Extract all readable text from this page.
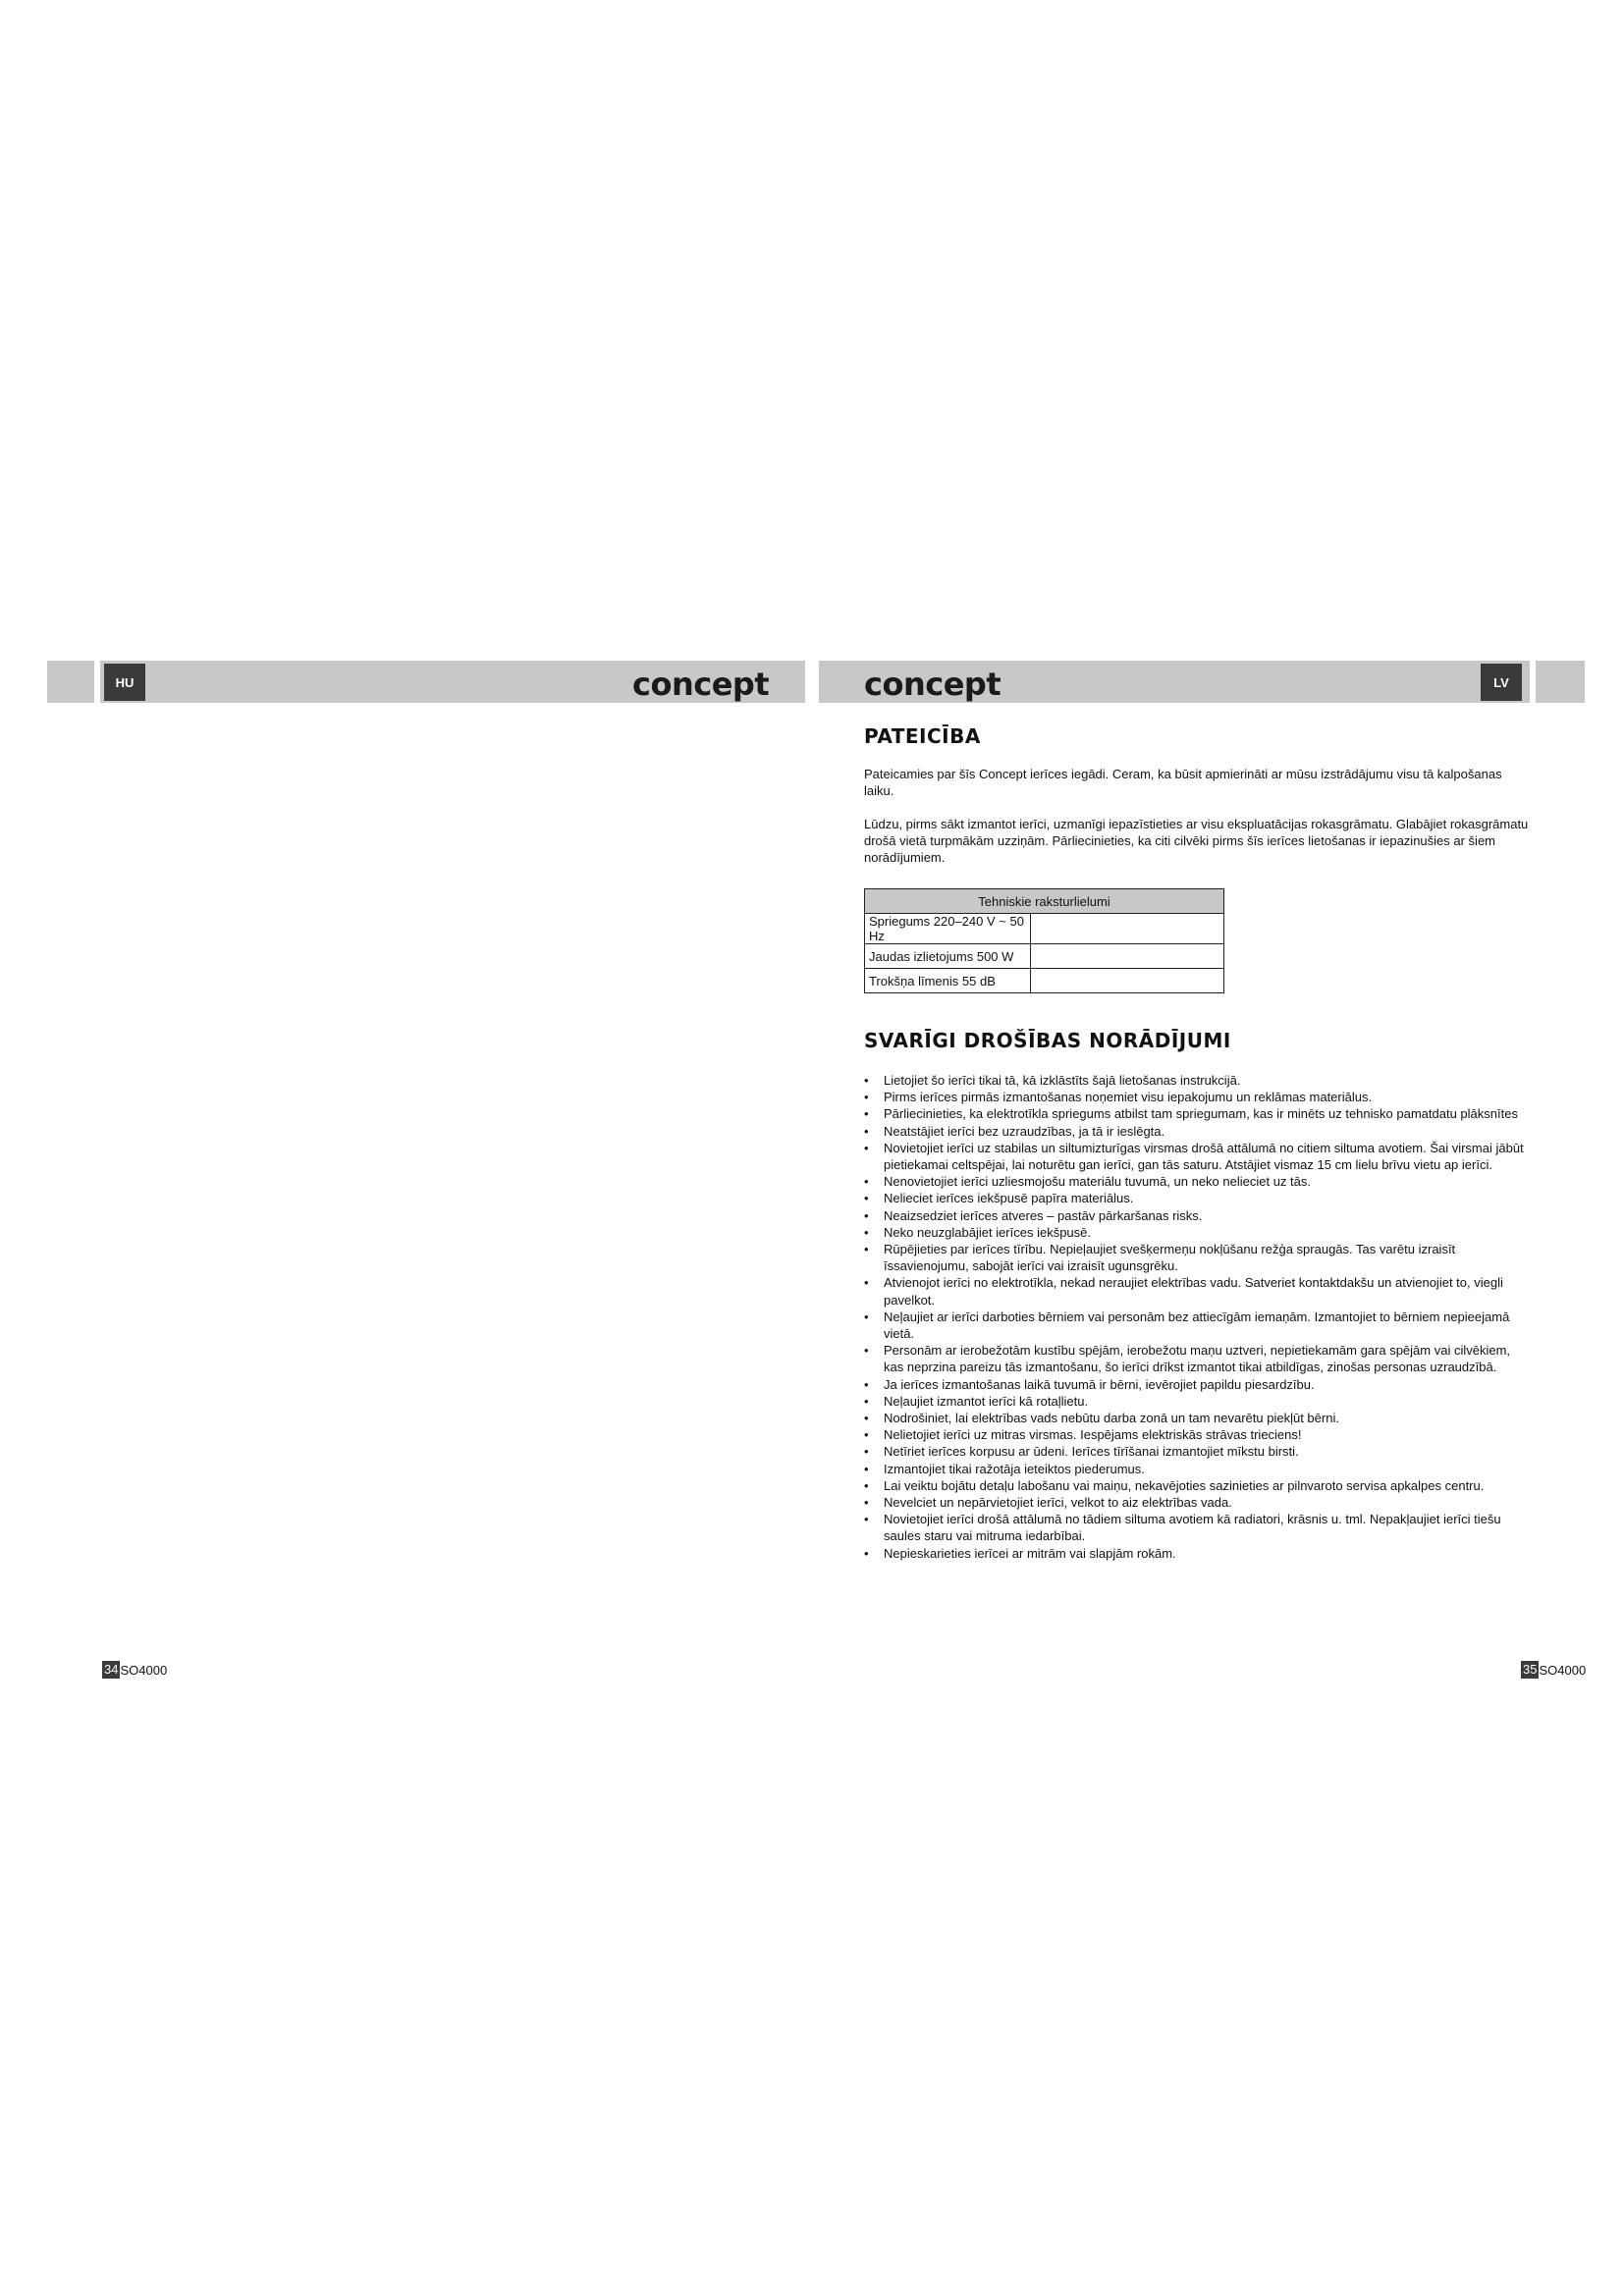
HU	LV
concept	concept
PATEICĪBA

Pateicamies par šīs Concept ierīces iegādi. Ceram, ka būsit apmierināti ar mūsu izstrādājumu visu tā kalpošanas laiku.

Lūdzu, pirms sākt izmantot ierīci, uzmanīgi iepazīstieties ar visu ekspluatācijas rokasgrāmatu. Glabājiet rokasgrāmatu drošā vietā turpmākām uzziņām. Pārliecinieties, ka citi cilvēki pirms šīs ierīces lietošanas ir iepazinušies ar šiem norādījumiem.

Tehniskie raksturlielumi	
Spriegums 220–240 V ~ 50 Hz	
Jaudas izlietojums 500 W	
Trokšņa līmenis 55 dB	
SVARĪGI DROŠĪBAS NORĀDĪJUMI
• Lietojiet šo ierīci tikai tā, kā izklāstīts šajā lietošanas instrukcijā.
• Pirms ierīces pirmās izmantošanas noņemiet visu iepakojumu un reklāmas materiālus.
• Pārliecinieties, ka elektrotīkla spriegums atbilst tam spriegumam, kas ir minēts uz tehnisko pamatdatu plāksnītes
• Neatstājiet ierīci bez uzraudzības, ja tā ir ieslēgta.
• Novietojiet ierīci uz stabilas un siltumizturīgas virsmas drošā attālumā no citiem siltuma avotiem. Šai virsmai jābūt pietiekamai celtspējai, lai noturētu gan ierīci, gan tās saturu. Atstājiet vismaz 15 cm lielu brīvu vietu ap ierīci.
• Nenovietojiet ierīci uzliesmojošu materiālu tuvumā, un neko nelieciet uz tās.
• Nelieciet ierīces iekšpusē papīra materiālus.
• Neaizsedziet ierīces atveres – pastāv pārkaršanas risks.
• Neko neuzglabājiet ierīces iekšpusē.
• Rūpējieties par ierīces tīrību. Nepieļaujiet svešķermeņu nokļūšanu režģa spraugās. Tas varētu izraisīt īssavienojumu, sabojāt ierīci vai izraisīt ugunsgrēku.
• Atvienojot ierīci no elektrotīkla, nekad neraujiet elektrības vadu. Satveriet kontaktdakšu un atvienojiet to, viegli pavelkot.
• Neļaujiet ar ierīci darboties bērniem vai personām bez attiecīgām iemaņām. Izmantojiet to bērniem nepieejamā vietā.
• Personām ar ierobežotām kustību spējām, ierobežotu maņu uztveri, nepietiekamām gara spējām vai cilvēkiem, kas neprzina pareizu tās izmantošanu, šo ierīci drīkst izmantot tikai atbildīgas, zinošas personas uzraudzībā.
• Ja ierīces izmantošanas laikā tuvumā ir bērni, ievērojiet papildu piesardzību.
• Neļaujiet izmantot ierīci kā rotaļlietu.
• Nodrošiniet, lai elektrības vads nebūtu darba zonā un tam nevarētu piekļūt bērni.
• Nelietojiet ierīci uz mitras virsmas. Iespējams elektriskās strāvas trieciens!
• Netīriet ierīces korpusu ar ūdeni. Ierīces tīrīšanai izmantojiet mīkstu birsti.
• Izmantojiet tikai ražotāja ieteiktos piederumus.
• Lai veiktu bojātu detaļu labošanu vai maiņu, nekavējoties sazinieties ar pilnvaroto servisa apkalpes centru.
• Nevelciet un nepārvietojiet ierīci, velkot to aiz elektrības vada.
• Novietojiet ierīci drošā attālumā no tādiem siltuma avotiem kā radiatori, krāsnis u. tml. Nepakļaujiet ierīci tiešu saules staru vai mitruma iedarbībai.
• Nepieskarieties ierīcei ar mitrām vai slapjām rokām.
34 SO4000	35 SO4000
